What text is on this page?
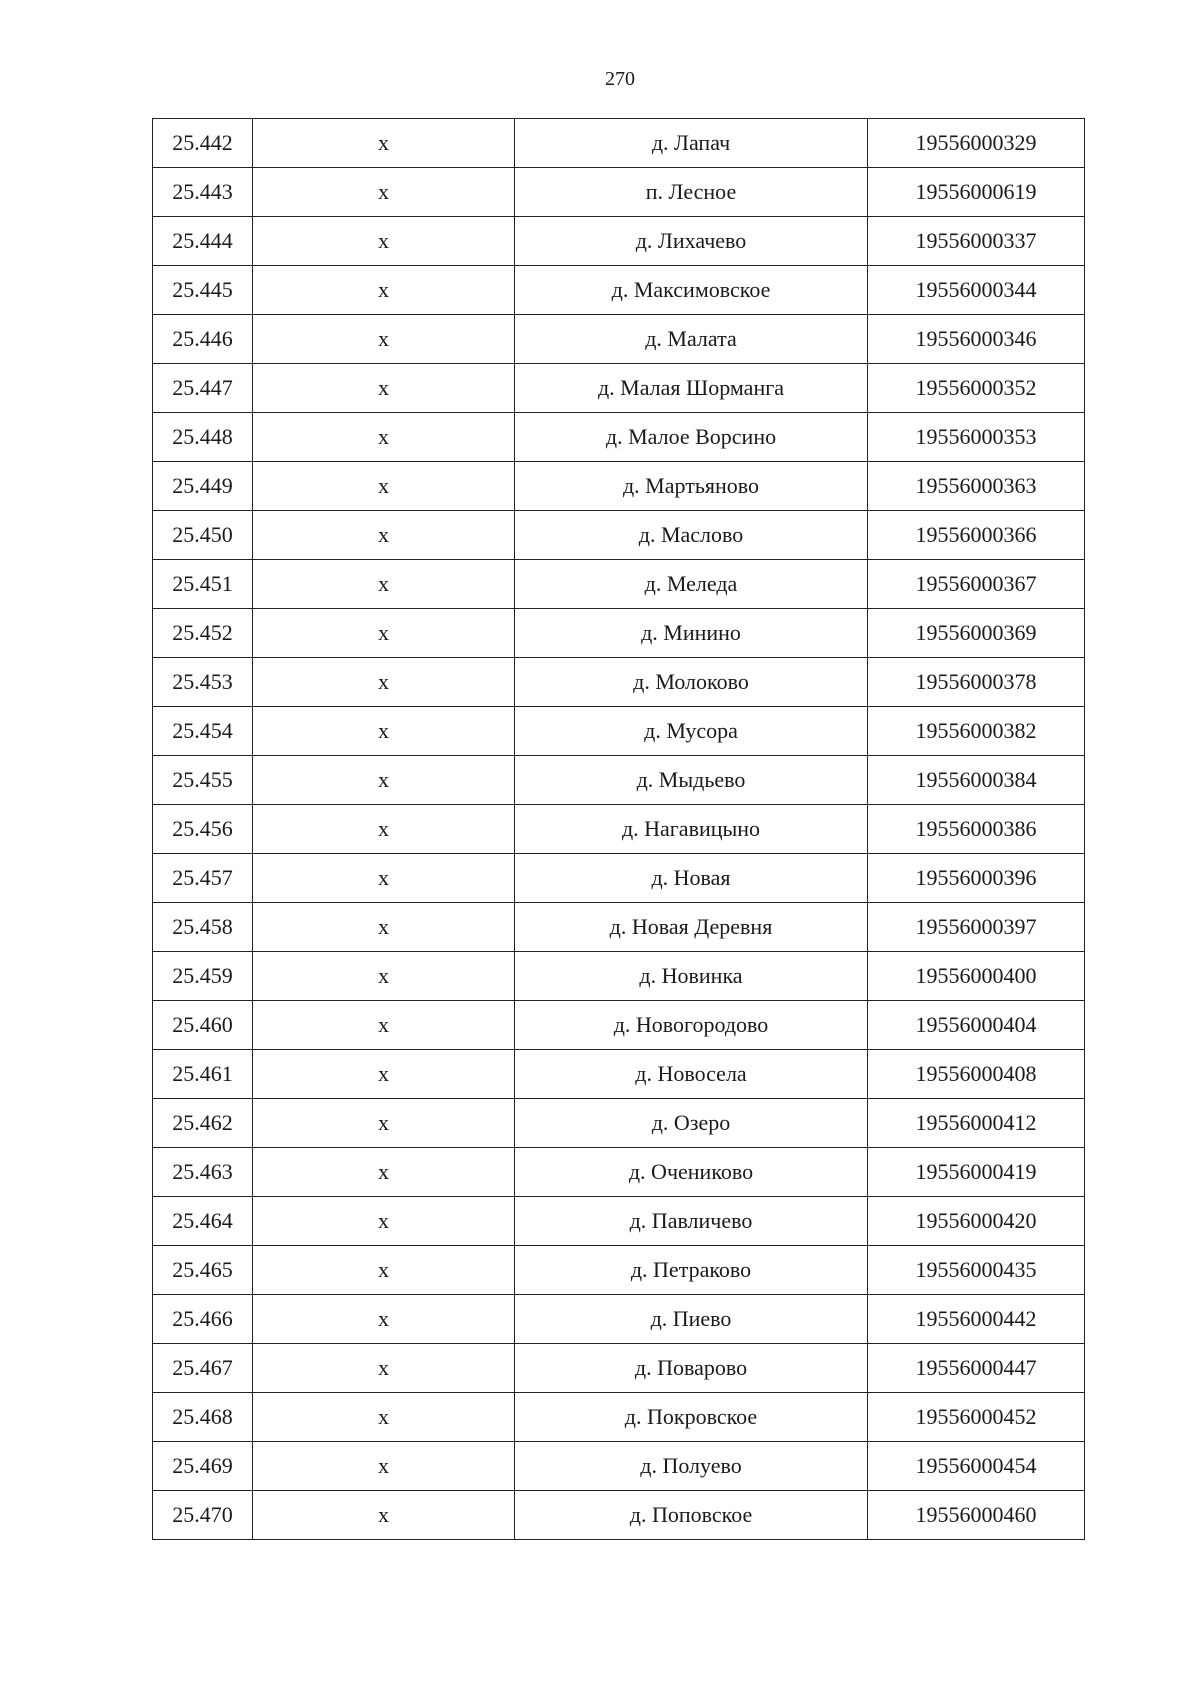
270
25.442	х	д. Лапач	19556000329
25.443	х	п. Лесное	19556000619
25.444	х	д. Лихачево	19556000337
25.445	х	д. Максимовское	19556000344
25.446	х	д. Малата	19556000346
25.447	х	д. Малая Шорманга	19556000352
25.448	х	д. Малое Ворсино	19556000353
25.449	х	д. Мартьяново	19556000363
25.450	х	д. Маслово	19556000366
25.451	х	д. Меледа	19556000367
25.452	х	д. Минино	19556000369
25.453	х	д. Молоково	19556000378
25.454	х	д. Мусора	19556000382
25.455	х	д. Мыдьево	19556000384
25.456	х	д. Нагавицыно	19556000386
25.457	х	д. Новая	19556000396
25.458	х	д. Новая Деревня	19556000397
25.459	х	д. Новинка	19556000400
25.460	х	д. Новогородово	19556000404
25.461	х	д. Новосела	19556000408
25.462	х	д. Озеро	19556000412
25.463	х	д. Очениково	19556000419
25.464	х	д. Павличево	19556000420
25.465	х	д. Петраково	19556000435
25.466	х	д. Пиево	19556000442
25.467	х	д. Поварово	19556000447
25.468	х	д. Покровское	19556000452
25.469	х	д. Полуево	19556000454
25.470	х	д. Поповское	19556000460
